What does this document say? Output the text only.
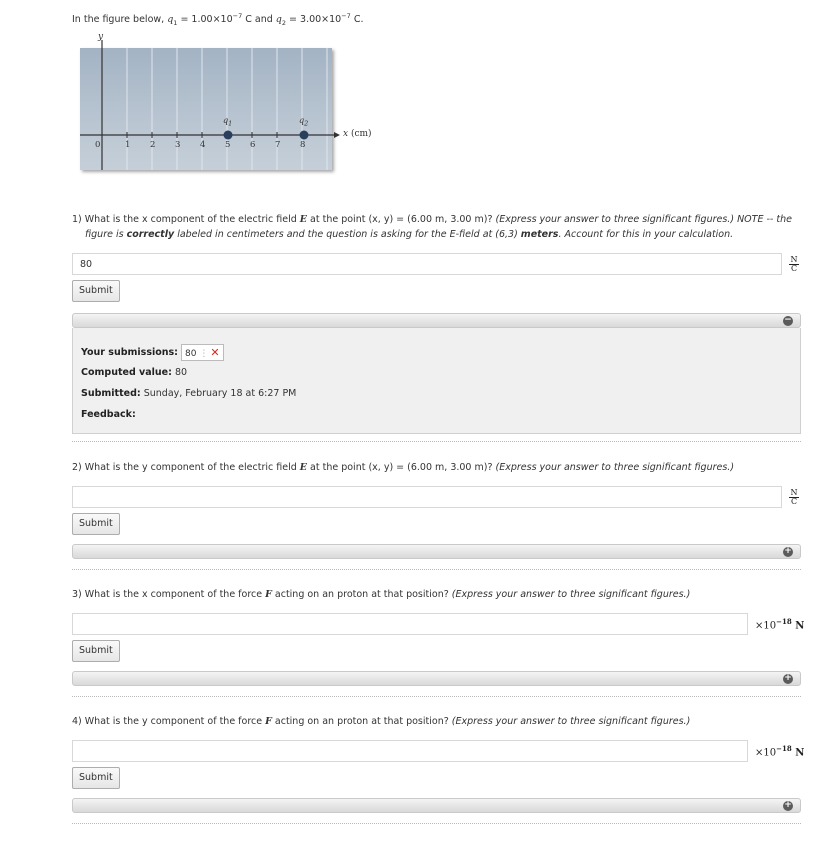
In the figure below, $q_1 = 1.00\times 10^{-7}$ C and $q_2 = 3.00\times 10^{-7}$ C.
y
x (cm)
$q_1$	$q_2$
0	1 2 3 4 5 6 7 8
1) What is the x component of the electric field E at the point (x, y) = (6.00 m, 3.00 m)? (Express your answer to three significant figures.) NOTE -- the
figure is correctly labeled in centimeters and the question is asking for the E-field at (6,3) meters. Account for this in your calculation.
80	N
C
Submit
−
Your submissions: 80 ⋮ ✕
Computed value: 80
Submitted: Sunday, February 18 at 6:27 PM
Feedback:
2) What is the y component of the electric field E at the point (x, y) = (6.00 m, 3.00 m)? (Express your answer to three significant figures.)
N
C
Submit
+
3) What is the x component of the force F acting on an proton at that position? (Express your answer to three significant figures.)
$\times 10^{-18}$ N
Submit
+
4) What is the y component of the force F acting on an proton at that position? (Express your answer to three significant figures.)
$\times 10^{-18}$ N
Submit
+
